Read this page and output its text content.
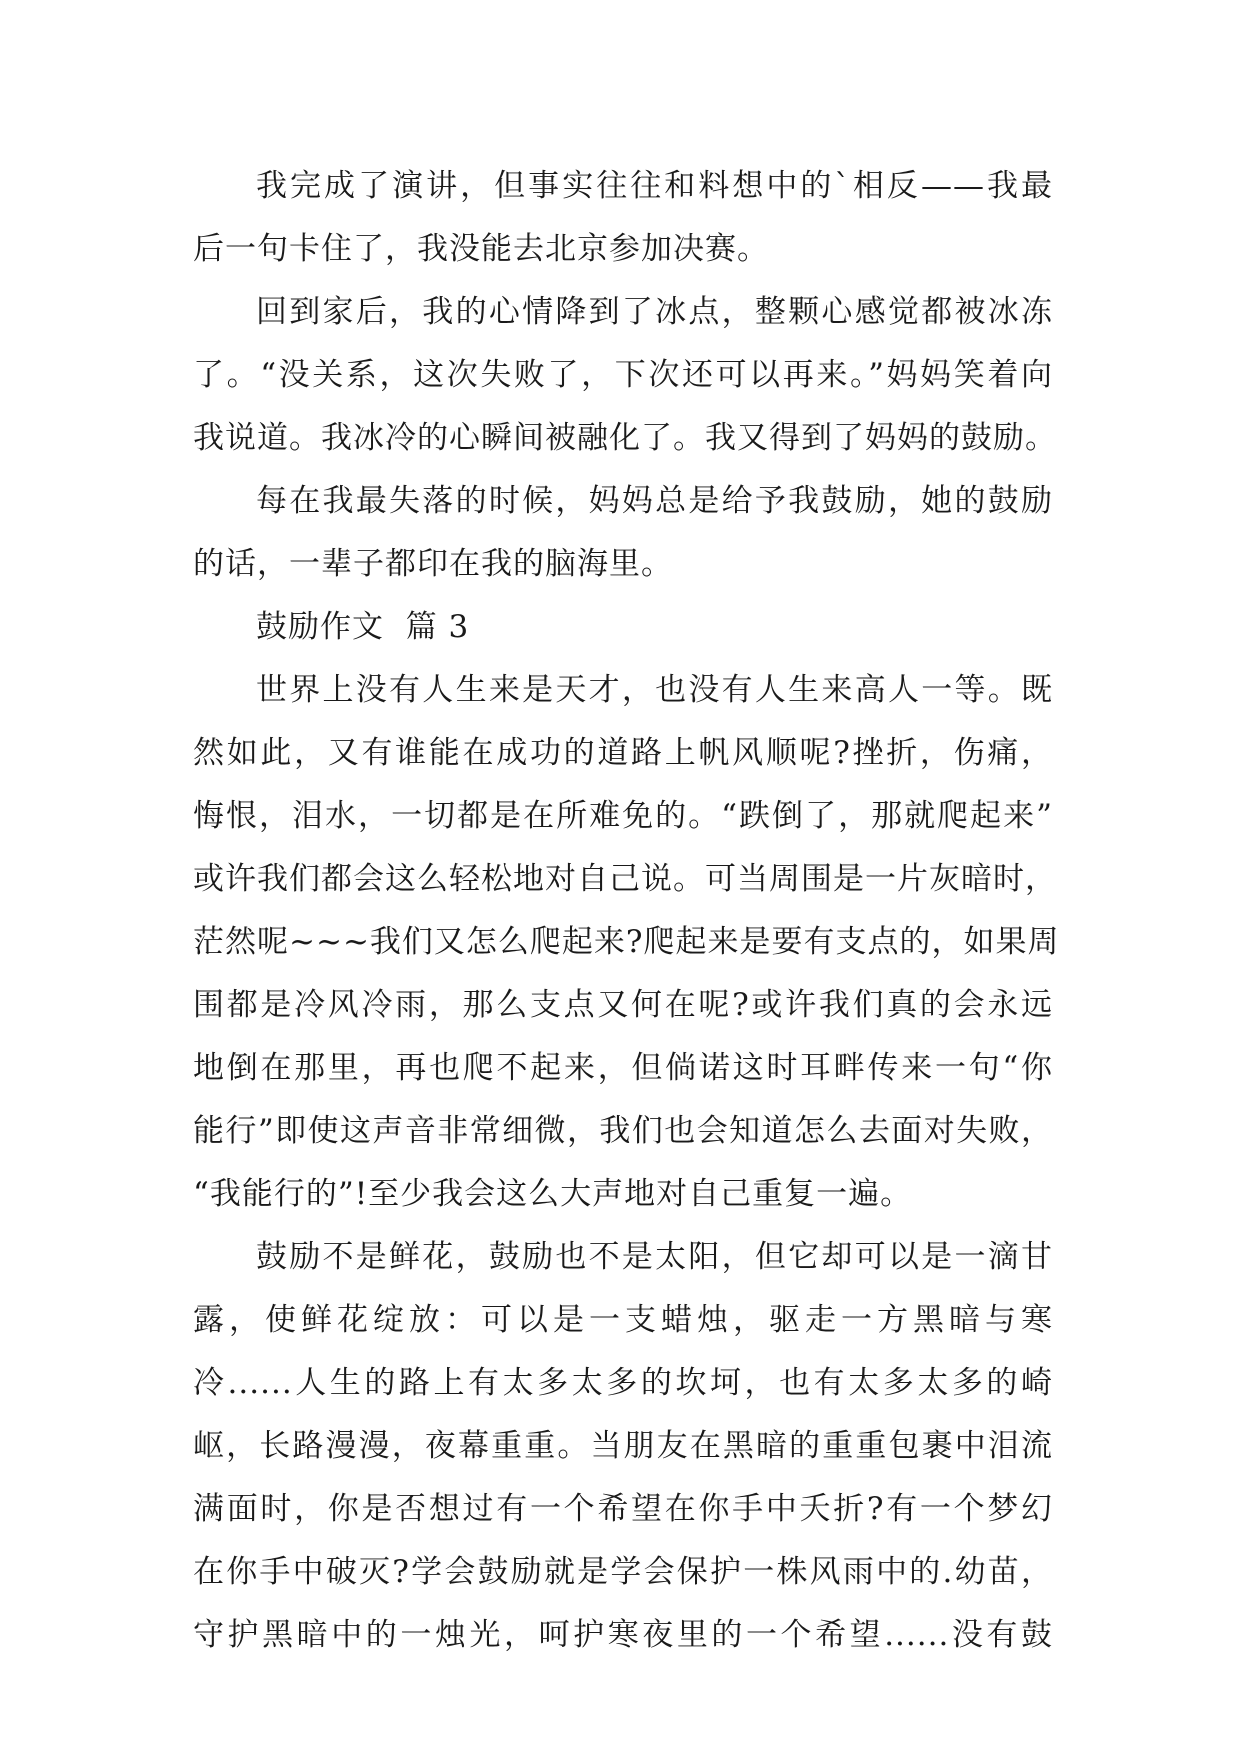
我完成了演讲，但事实往往和料想中的`相反——我最
后一句卡住了，我没能去北京参加决赛。
回到家后，我的心情降到了冰点，整颗心感觉都被冰冻
了。“没关系，这次失败了，下次还可以再来。”妈妈笑着向
我说道。我冰冷的心瞬间被融化了。我又得到了妈妈的鼓励。
每在我最失落的时候，妈妈总是给予我鼓励，她的鼓励
的话，一辈子都印在我的脑海里。
鼓励作文  篇 3
世界上没有人生来是天才，也没有人生来高人一等。既
然如此，又有谁能在成功的道路上帆风顺呢?挫折，伤痛，
悔恨，泪水，一切都是在所难免的。“跌倒了，那就爬起来”
或许我们都会这么轻松地对自己说。可当周围是一片灰暗时，
茫然呢~~~我们又怎么爬起来?爬起来是要有支点的，如果周
围都是冷风冷雨，那么支点又何在呢?或许我们真的会永远
地倒在那里，再也爬不起来，但倘诺这时耳畔传来一句“你
能行”即使这声音非常细微，我们也会知道怎么去面对失败，
“我能行的”!至少我会这么大声地对自己重复一遍。
鼓励不是鲜花，鼓励也不是太阳，但它却可以是一滴甘
露，使鲜花绽放：可以是一支蜡烛，驱走一方黑暗与寒
冷......人生的路上有太多太多的坎坷，也有太多太多的崎
岖，长路漫漫，夜幕重重。当朋友在黑暗的重重包裹中泪流
满面时，你是否想过有一个希望在你手中夭折?有一个梦幻
在你手中破灭?学会鼓励就是学会保护一株风雨中的.幼苗，
守护黑暗中的一烛光，呵护寒夜里的一个希望......没有鼓
